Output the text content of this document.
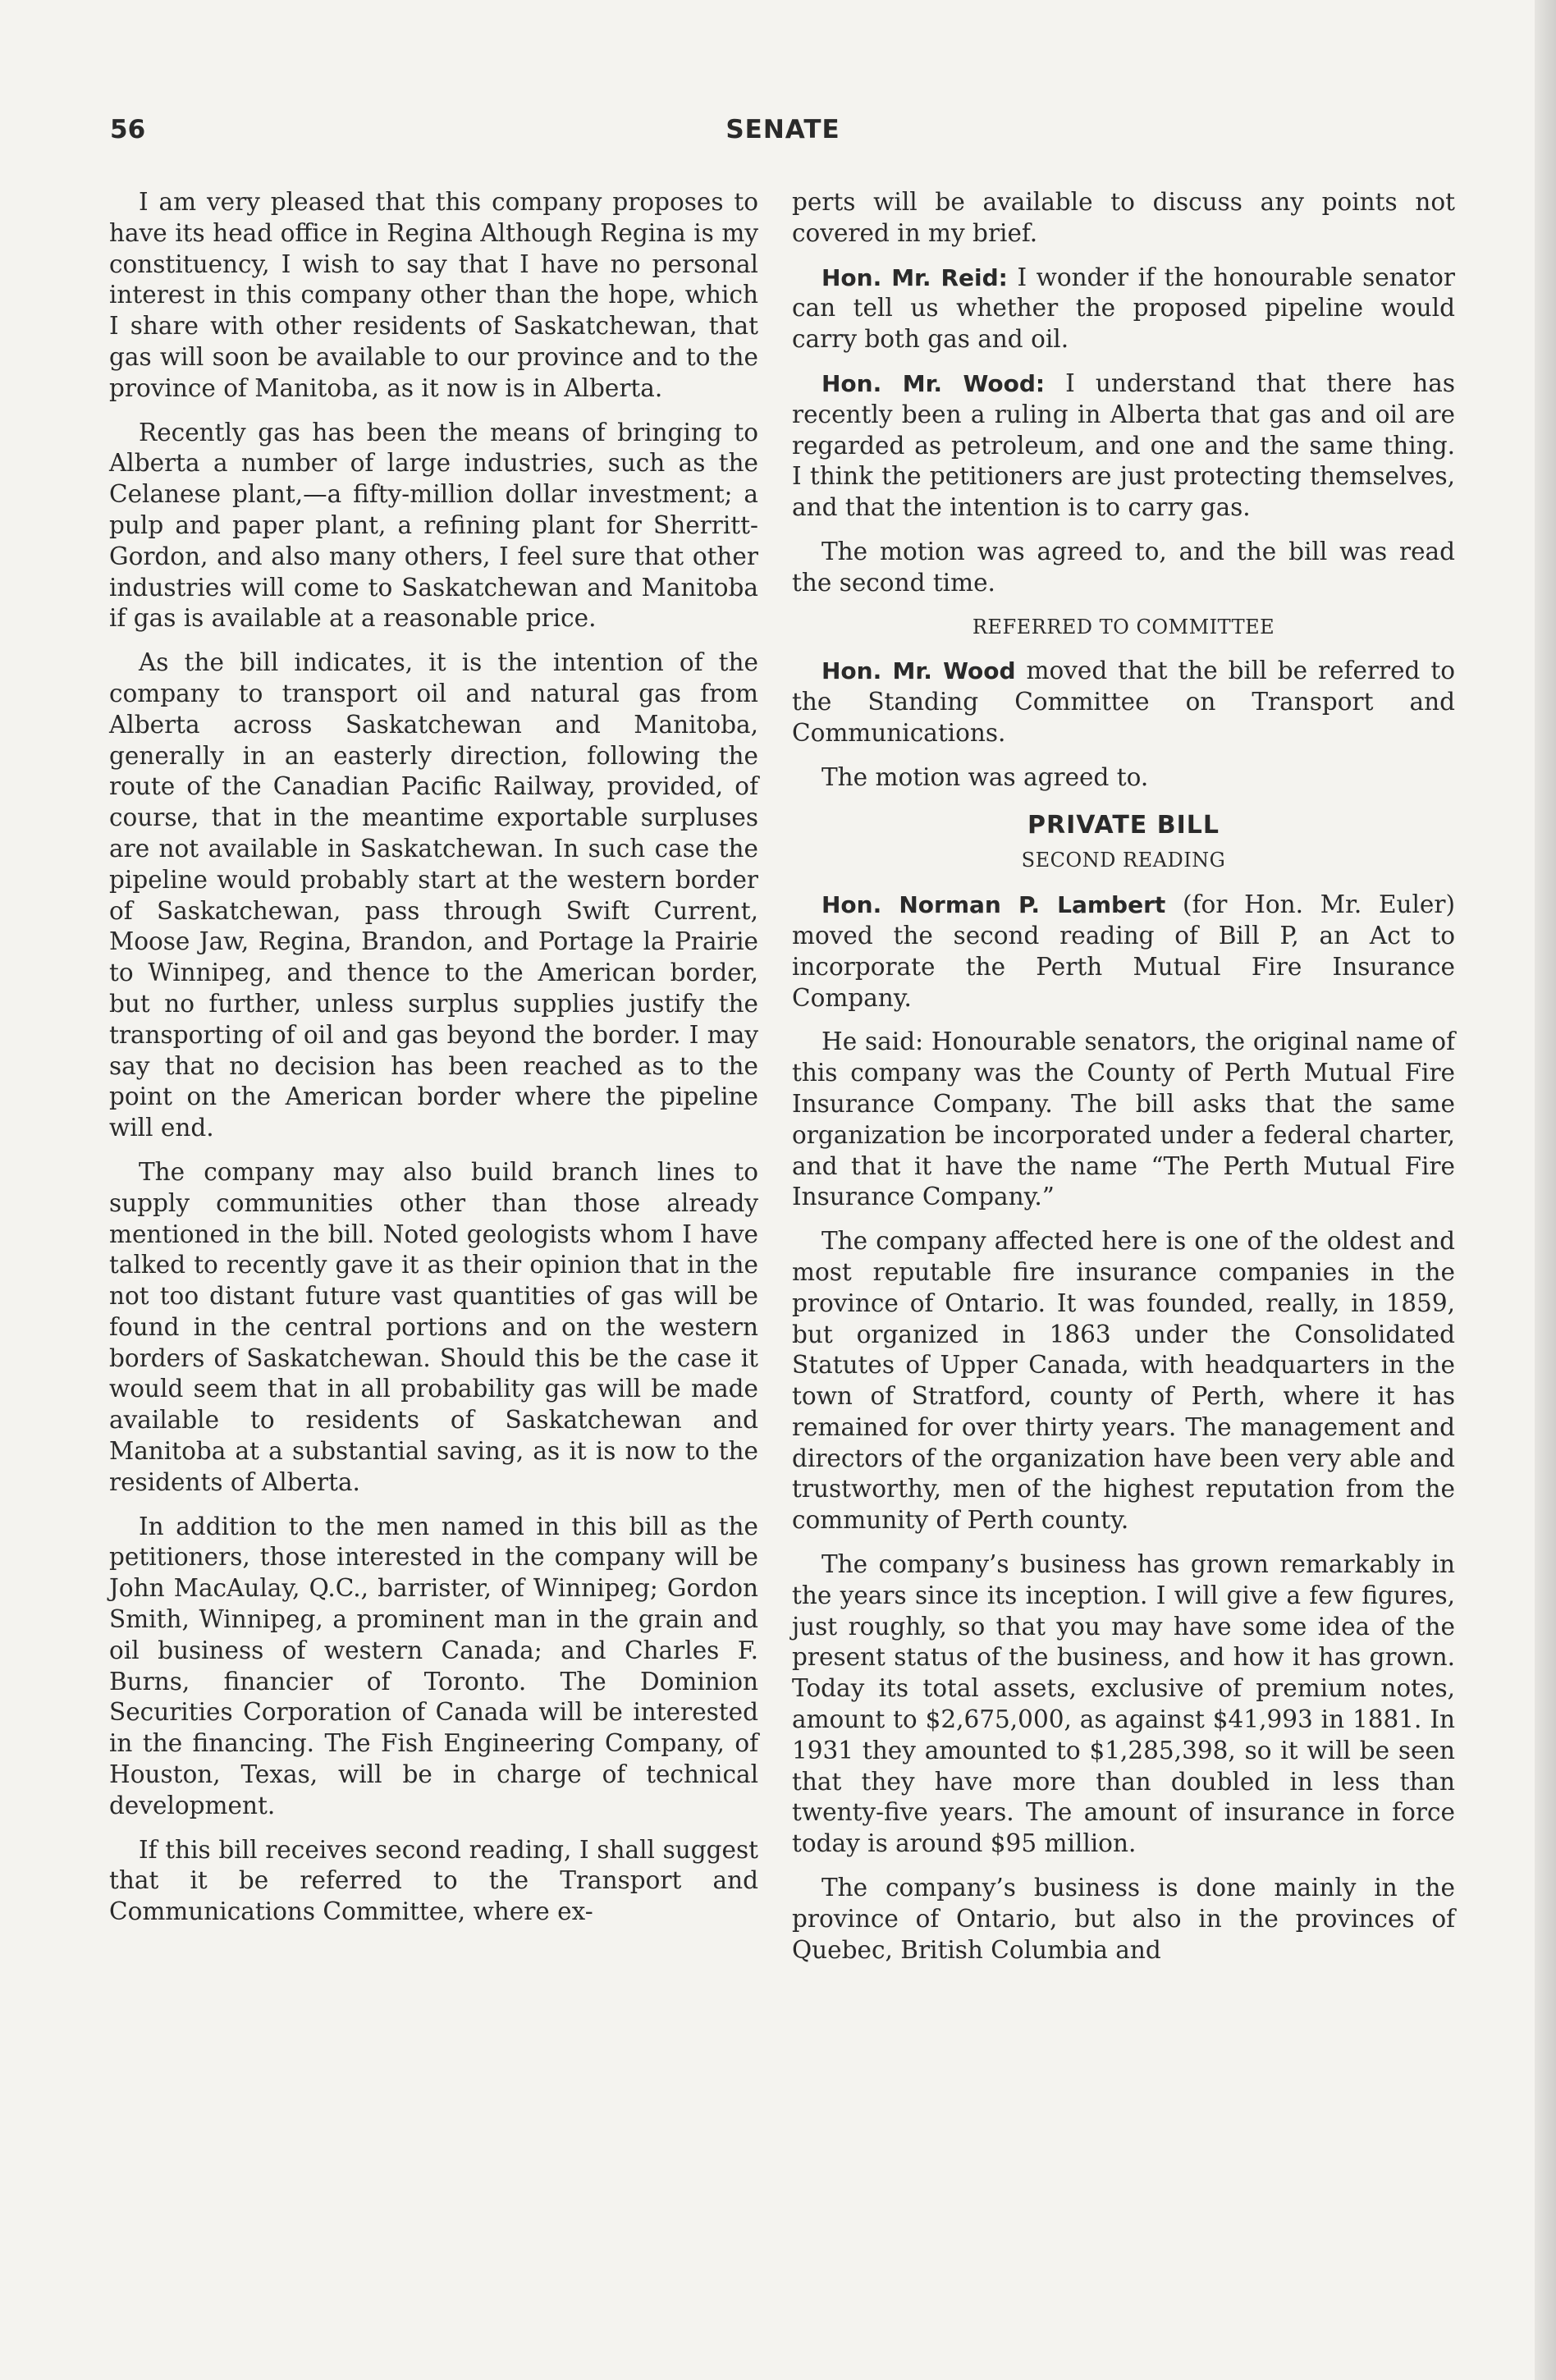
56	SENATE

I am very pleased that this company proposes to have its head office in Regina Although Regina is my constituency, I wish to say that I have no personal interest in this company other than the hope, which I share with other residents of Saskatchewan, that gas will soon be available to our province and to the province of Manitoba, as it now is in Alberta.

Recently gas has been the means of bringing to Alberta a number of large industries, such as the Celanese plant,—a fifty-million dollar investment; a pulp and paper plant, a refining plant for Sherritt-Gordon, and also many others, I feel sure that other industries will come to Saskatchewan and Manitoba if gas is available at a reasonable price.

As the bill indicates, it is the intention of the company to transport oil and natural gas from Alberta across Saskatchewan and Manitoba, generally in an easterly direction, following the route of the Canadian Pacific Railway, provided, of course, that in the meantime exportable surpluses are not available in Saskatchewan. In such case the pipeline would probably start at the western border of Saskatchewan, pass through Swift Current, Moose Jaw, Regina, Brandon, and Portage la Prairie to Winnipeg, and thence to the American border, but no further, unless surplus supplies justify the transporting of oil and gas beyond the border. I may say that no decision has been reached as to the point on the American border where the pipeline will end.

The company may also build branch lines to supply communities other than those already mentioned in the bill. Noted geologists whom I have talked to recently gave it as their opinion that in the not too distant future vast quantities of gas will be found in the central portions and on the western borders of Saskatchewan. Should this be the case it would seem that in all probability gas will be made available to residents of Saskatchewan and Manitoba at a substantial saving, as it is now to the residents of Alberta.

In addition to the men named in this bill as the petitioners, those interested in the company will be John MacAulay, Q.C., barrister, of Winnipeg; Gordon Smith, Winnipeg, a prominent man in the grain and oil business of western Canada; and Charles F. Burns, financier of Toronto. The Dominion Securities Corporation of Canada will be interested in the financing. The Fish Engineering Company, of Houston, Texas, will be in charge of technical development.

If this bill receives second reading, I shall suggest that it be referred to the Transport and Communications Committee, where ex-

perts will be available to discuss any points not covered in my brief.

Hon. Mr. Reid: I wonder if the honourable senator can tell us whether the proposed pipeline would carry both gas and oil.

Hon. Mr. Wood: I understand that there has recently been a ruling in Alberta that gas and oil are regarded as petroleum, and one and the same thing. I think the petitioners are just protecting themselves, and that the intention is to carry gas.

The motion was agreed to, and the bill was read the second time.

REFERRED TO COMMITTEE

Hon. Mr. Wood moved that the bill be referred to the Standing Committee on Transport and Communications.

The motion was agreed to.

PRIVATE BILL
SECOND READING

Hon. Norman P. Lambert (for Hon. Mr. Euler) moved the second reading of Bill P, an Act to incorporate the Perth Mutual Fire Insurance Company.

He said: Honourable senators, the original name of this company was the County of Perth Mutual Fire Insurance Company. The bill asks that the same organization be incorporated under a federal charter, and that it have the name “The Perth Mutual Fire Insurance Company.”

The company affected here is one of the oldest and most reputable fire insurance companies in the province of Ontario. It was founded, really, in 1859, but organized in 1863 under the Consolidated Statutes of Upper Canada, with headquarters in the town of Stratford, county of Perth, where it has remained for over thirty years. The management and directors of the organization have been very able and trustworthy, men of the highest reputation from the community of Perth county.

The company’s business has grown remarkably in the years since its inception. I will give a few figures, just roughly, so that you may have some idea of the present status of the business, and how it has grown. Today its total assets, exclusive of premium notes, amount to $2,675,000, as against $41,993 in 1881. In 1931 they amounted to $1,285,398, so it will be seen that they have more than doubled in less than twenty-five years. The amount of insurance in force today is around $95 million.

The company’s business is done mainly in the province of Ontario, but also in the provinces of Quebec, British Columbia and
